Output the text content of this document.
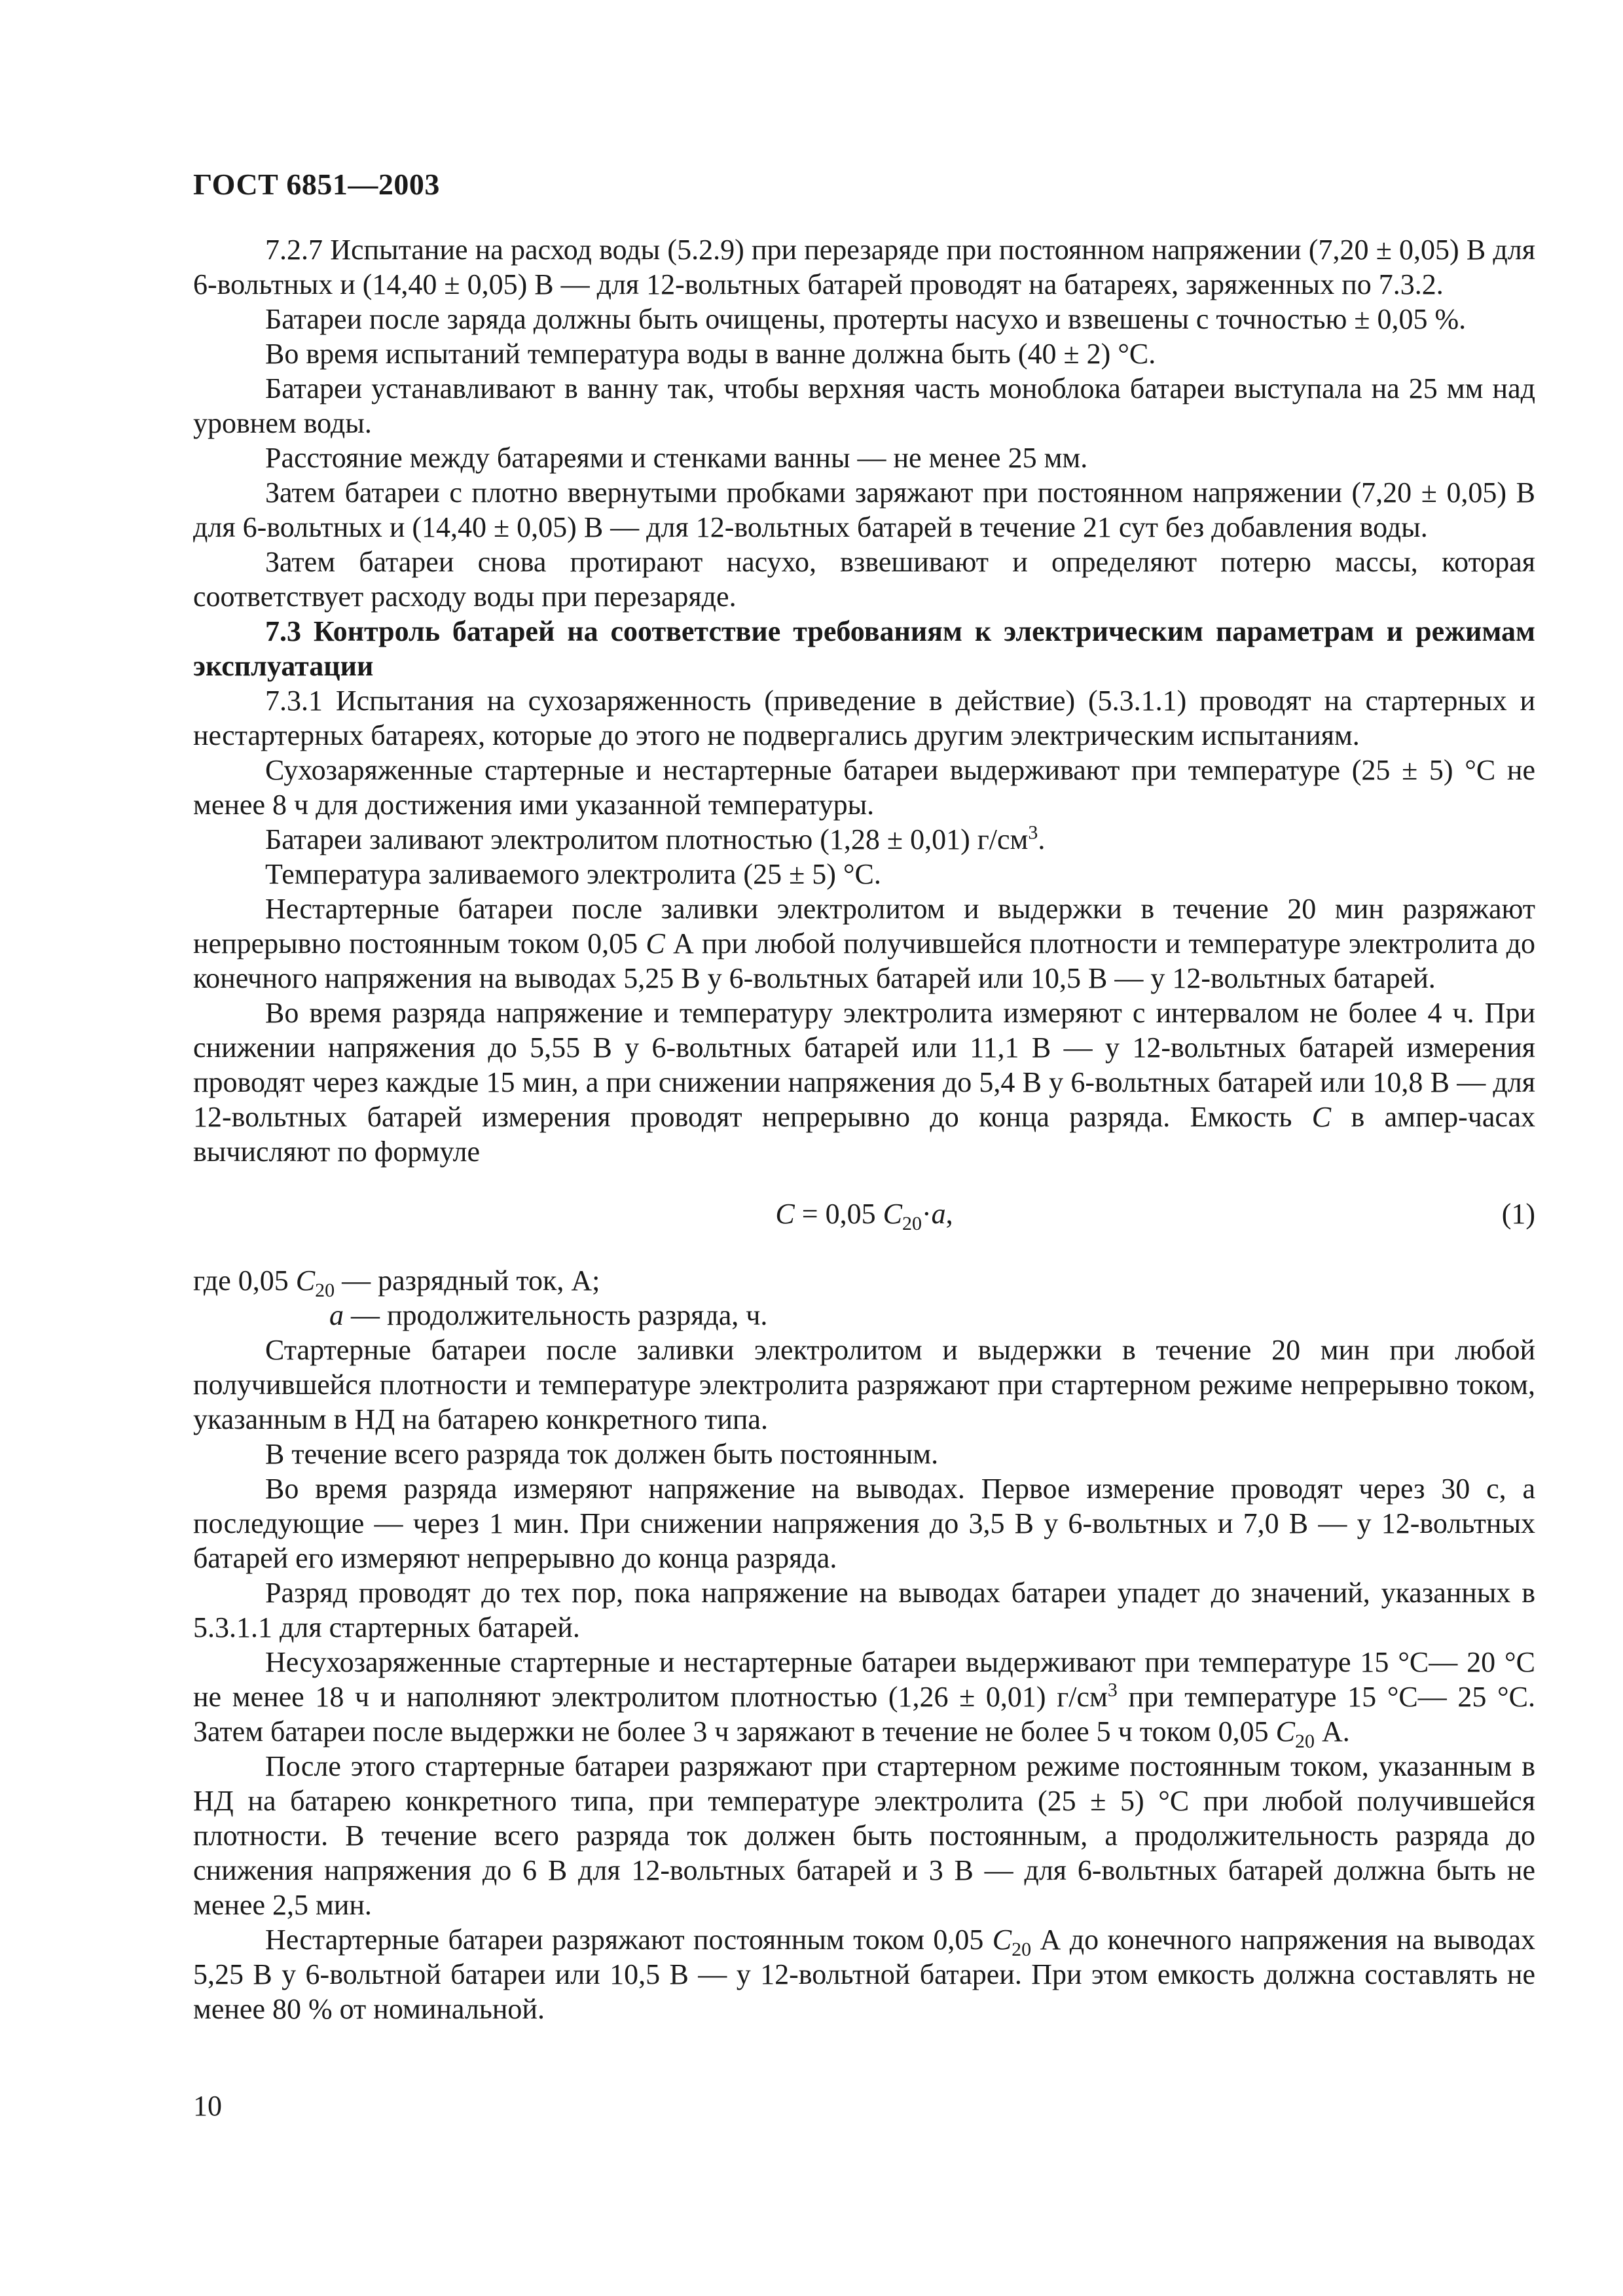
ГОСТ 6851—2003

7.2.7 Испытание на расход воды (5.2.9) при перезаряде при постоянном напряжении (7,20 ± 0,05) В для 6-вольтных и (14,40 ± 0,05) В — для 12-вольтных батарей проводят на батареях, заряженных по 7.3.2.

Батареи после заряда должны быть очищены, протерты насухо и взвешены с точностью ± 0,05 %.

Во время испытаний температура воды в ванне должна быть (40 ± 2) °С.

Батареи устанавливают в ванну так, чтобы верхняя часть моноблока батареи выступала на 25 мм над уровнем воды.

Расстояние между батареями и стенками ванны — не менее 25 мм.

Затем батареи с плотно ввернутыми пробками заряжают при постоянном напряжении (7,20 ± 0,05) В для 6-вольтных и (14,40 ± 0,05) В — для 12-вольтных батарей в течение 21 сут без добавления воды.

Затем батареи снова протирают насухо, взвешивают и определяют потерю массы, которая соответствует расходу воды при перезаряде.

7.3 Контроль батарей на соответствие требованиям к электрическим параметрам и режимам эксплуатации

7.3.1 Испытания на сухозаряженность (приведение в действие) (5.3.1.1) проводят на стартерных и нестартерных батареях, которые до этого не подвергались другим электрическим испытаниям.

Сухозаряженные стартерные и нестартерные батареи выдерживают при температуре (25 ± 5) °С не менее 8 ч для достижения ими указанной температуры.

Батареи заливают электролитом плотностью (1,28 ± 0,01) $г/см^3$.

Температура заливаемого электролита (25 ± 5) °С.

Нестартерные батареи после заливки электролитом и выдержки в течение 20 мин разряжают непрерывно постоянным током 0,05 С А при любой получившейся плотности и температуре электролита до конечного напряжения на выводах 5,25 В у 6-вольтных батарей или 10,5 В — у 12-вольтных батарей.

Во время разряда напряжение и температуру электролита измеряют с интервалом не более 4 ч. При снижении напряжения до 5,55 В у 6-вольтных батарей или 11,1 В — у 12-вольтных батарей измерения проводят через каждые 15 мин, а при снижении напряжения до 5,4 В у 6-вольтных батарей или 10,8 В — для 12-вольтных батарей измерения проводят непрерывно до конца разряда. Емкость С в ампер-часах вычисляют по формуле

С = 0,05 $С_{20}\cdot а$,	(1)

где 0,05 $С_{20}$ — разрядный ток, А;

а — продолжительность разряда, ч.

Стартерные батареи после заливки электролитом и выдержки в течение 20 мин при любой получившейся плотности и температуре электролита разряжают при стартерном режиме непрерывно током, указанным в НД на батарею конкретного типа.

В течение всего разряда ток должен быть постоянным.

Во время разряда измеряют напряжение на выводах. Первое измерение проводят через 30 с, а последующие — через 1 мин. При снижении напряжения до 3,5 В у 6-вольтных и 7,0 В — у 12-вольтных батарей его измеряют непрерывно до конца разряда.

Разряд проводят до тех пор, пока напряжение на выводах батареи упадет до значений, указанных в 5.3.1.1 для стартерных батарей.

Несухозаряженные стартерные и нестартерные батареи выдерживают при температуре 15 °С— 20 °С не менее 18 ч и наполняют электролитом плотностью (1,26 ± 0,01) $г/см^3$ при температуре 15 °С— 25 °С. Затем батареи после выдержки не более 3 ч заряжают в течение не более 5 ч током 0,05 $С_{20}$ А.

После этого стартерные батареи разряжают при стартерном режиме постоянным током, указанным в НД на батарею конкретного типа, при температуре электролита (25 ± 5) °С при любой получившейся плотности. В течение всего разряда ток должен быть постоянным, а продолжительность разряда до снижения напряжения до 6 В для 12-вольтных батарей и 3 В — для 6-вольтных батарей должна быть не менее 2,5 мин.

Нестартерные батареи разряжают постоянным током 0,05 $С_{20}$ А до конечного напряжения на выводах 5,25 В у 6-вольтной батареи или 10,5 В — у 12-вольтной батареи. При этом емкость должна составлять не менее 80 % от номинальной.

10
